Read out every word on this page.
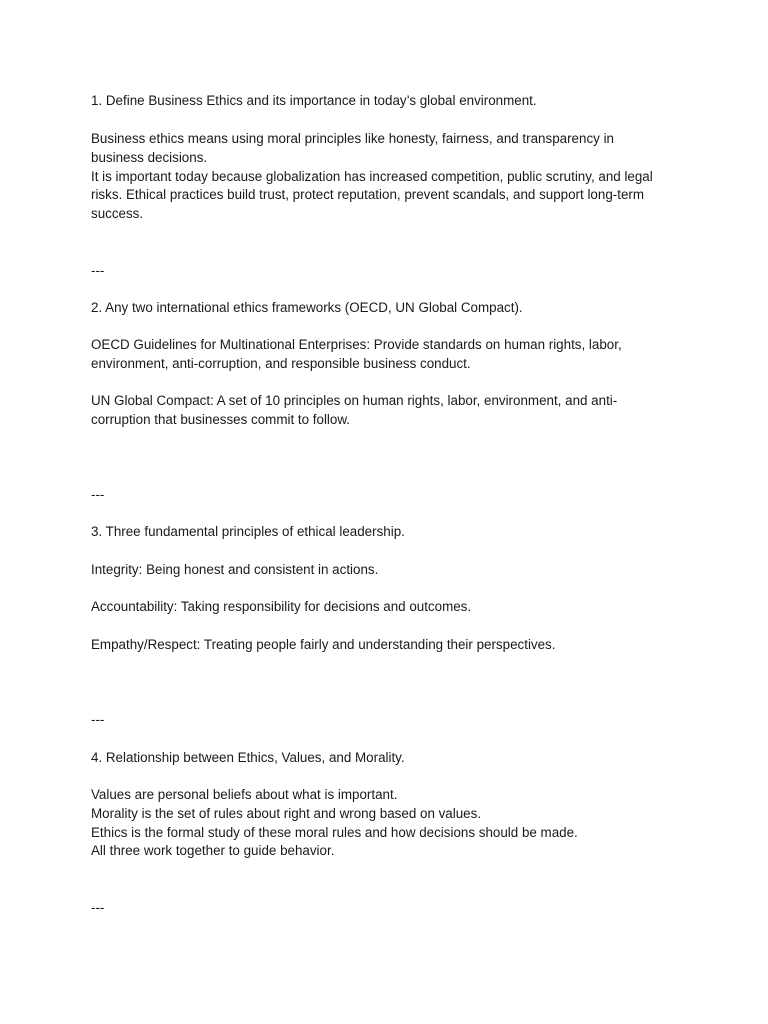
1. Define Business Ethics and its importance in today’s global environment.

Business ethics means using moral principles like honesty, fairness, and transparency in
business decisions.
It is important today because globalization has increased competition, public scrutiny, and legal
risks. Ethical practices build trust, protect reputation, prevent scandals, and support long-term
success.

---

2. Any two international ethics frameworks (OECD, UN Global Compact).

OECD Guidelines for Multinational Enterprises: Provide standards on human rights, labor,
environment, anti-corruption, and responsible business conduct.

UN Global Compact: A set of 10 principles on human rights, labor, environment, and anti-
corruption that businesses commit to follow.

---

3. Three fundamental principles of ethical leadership.

Integrity: Being honest and consistent in actions.

Accountability: Taking responsibility for decisions and outcomes.

Empathy/Respect: Treating people fairly and understanding their perspectives.

---

4. Relationship between Ethics, Values, and Morality.

Values are personal beliefs about what is important.
Morality is the set of rules about right and wrong based on values.
Ethics is the formal study of these moral rules and how decisions should be made.
All three work together to guide behavior.

---
